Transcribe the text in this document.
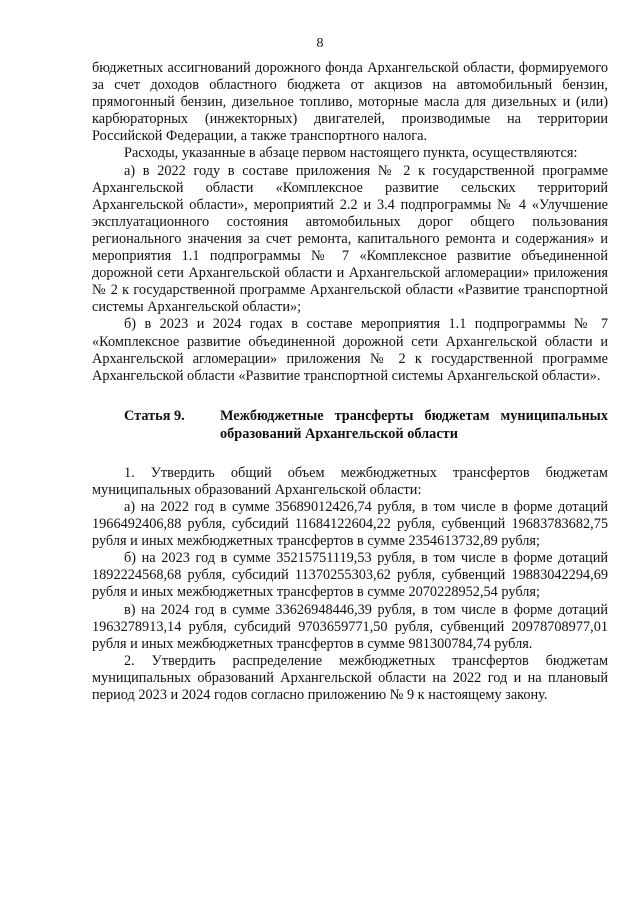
8

бюджетных ассигнований дорожного фонда Архангельской области, формируемого за счет доходов областного бюджета от акцизов на автомобильный бензин, прямогонный бензин, дизельное топливо, моторные масла для дизельных и (или) карбюраторных (инжекторных) двигателей, производимые на территории Российской Федерации, а также транспортного налога.

Расходы, указанные в абзаце первом настоящего пункта, осуществляются:

а) в 2022 году в составе приложения № 2 к государственной программе Архангельской области «Комплексное развитие сельских территорий Архангельской области», мероприятий 2.2 и 3.4 подпрограммы № 4 «Улучшение эксплуатационного состояния автомобильных дорог общего пользования регионального значения за счет ремонта, капитального ремонта и содержания» и мероприятия 1.1 подпрограммы № 7 «Комплексное развитие объединенной дорожной сети Архангельской области и Архангельской агломерации» приложения № 2 к государственной программе Архангельской области «Развитие транспортной системы Архангельской области»;

б) в 2023 и 2024 годах в составе мероприятия 1.1 подпрограммы № 7 «Комплексное развитие объединенной дорожной сети Архангельской области и Архангельской агломерации» приложения № 2 к государственной программе Архангельской области «Развитие транспортной системы Архангельской области».

Статья 9.	Межбюджетные трансферты бюджетам муниципальных образований Архангельской области

1. Утвердить общий объем межбюджетных трансфертов бюджетам муниципальных образований Архангельской области:

а) на 2022 год в сумме 35689012426,74 рубля, в том числе в форме дотаций 1966492406,88 рубля, субсидий 11684122604,22 рубля, субвенций 19683783682,75 рубля и иных межбюджетных трансфертов в сумме 2354613732,89 рубля;

б) на 2023 год в сумме 35215751119,53 рубля, в том числе в форме дотаций 1892224568,68 рубля, субсидий 11370255303,62 рубля, субвенций 19883042294,69 рубля и иных межбюджетных трансфертов в сумме 2070228952,54 рубля;

в) на 2024 год в сумме 33626948446,39 рубля, в том числе в форме дотаций 1963278913,14 рубля, субсидий 9703659771,50 рубля, субвенций 20978708977,01 рубля и иных межбюджетных трансфертов в сумме 981300784,74 рубля.

2. Утвердить распределение межбюджетных трансфертов бюджетам муниципальных образований Архангельской области на 2022 год и на плановый период 2023 и 2024 годов согласно приложению № 9 к настоящему закону.
